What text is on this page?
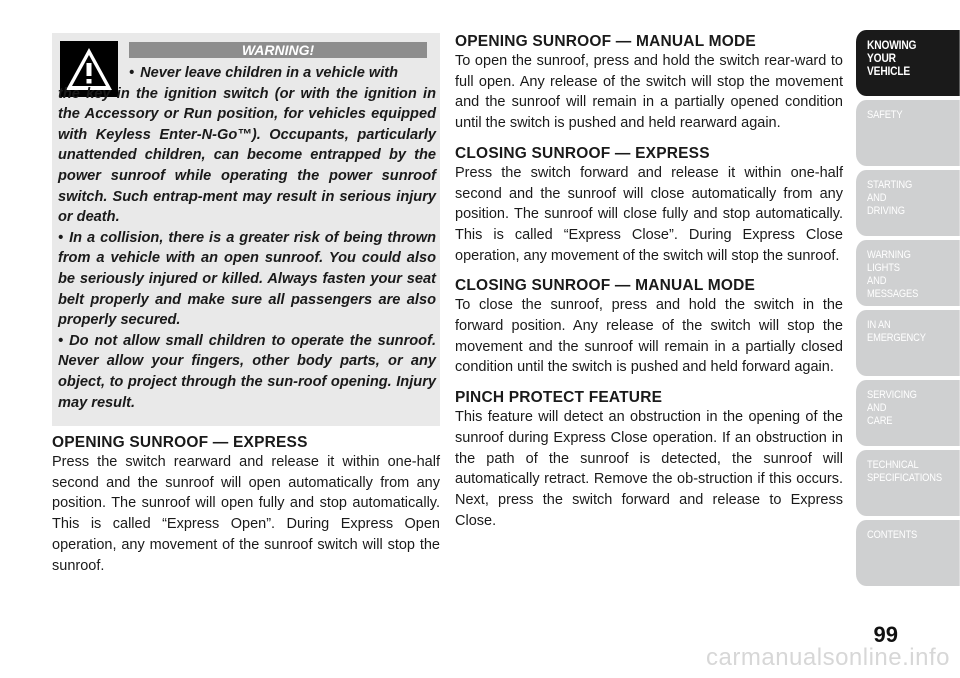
WARNING!

• Never leave children in a vehicle with

the key in the ignition switch (or with the ignition in the Accessory or Run position, for vehicles equipped with Keyless Enter-N-Go™). Occupants, particularly unattended children, can become entrapped by the power sunroof while operating the power sunroof switch. Such entrap-ment may result in serious injury or death.

• In a collision, there is a greater risk of being thrown from a vehicle with an open sunroof. You could also be seriously injured or killed. Always fasten your seat belt properly and make sure all passengers are also properly secured.

• Do not allow small children to operate the sunroof. Never allow your fingers, other body parts, or any object, to project through the sun-roof opening. Injury may result.

OPENING SUNROOF — EXPRESS

Press the switch rearward and release it within one-half second and the sunroof will open automatically from any position. The sunroof will open fully and stop automatically. This is called “Express Open”. During Express Open operation, any movement of the sunroof switch will stop the sunroof.

OPENING SUNROOF — MANUAL MODE

To open the sunroof, press and hold the switch rear-ward to full open. Any release of the switch will stop the movement and the sunroof will remain in a partially opened condition until the switch is pushed and held rearward again.

CLOSING SUNROOF — EXPRESS

Press the switch forward and release it within one-half second and the sunroof will close automatically from any position. The sunroof will close fully and stop automatically. This is called “Express Close”. During Express Close operation, any movement of the switch will stop the sunroof.

CLOSING SUNROOF — MANUAL MODE

To close the sunroof, press and hold the switch in the forward position. Any release of the switch will stop the movement and the sunroof will remain in a partially closed condition until the switch is pushed and held forward again.

PINCH PROTECT FEATURE

This feature will detect an obstruction in the opening of the sunroof during Express Close operation. If an obstruction in the path of the sunroof is detected, the sunroof will automatically retract. Remove the ob-struction if this occurs. Next, press the switch forward and release to Express Close.

KNOWING
YOUR
VEHICLE
SAFETY
STARTING
AND
DRIVING
WARNING
LIGHTS
AND
MESSAGES
IN AN
EMERGENCY
SERVICING
AND
CARE
TECHNICAL
SPECIFICATIONS
CONTENTS
99
carmanualsonline.info
